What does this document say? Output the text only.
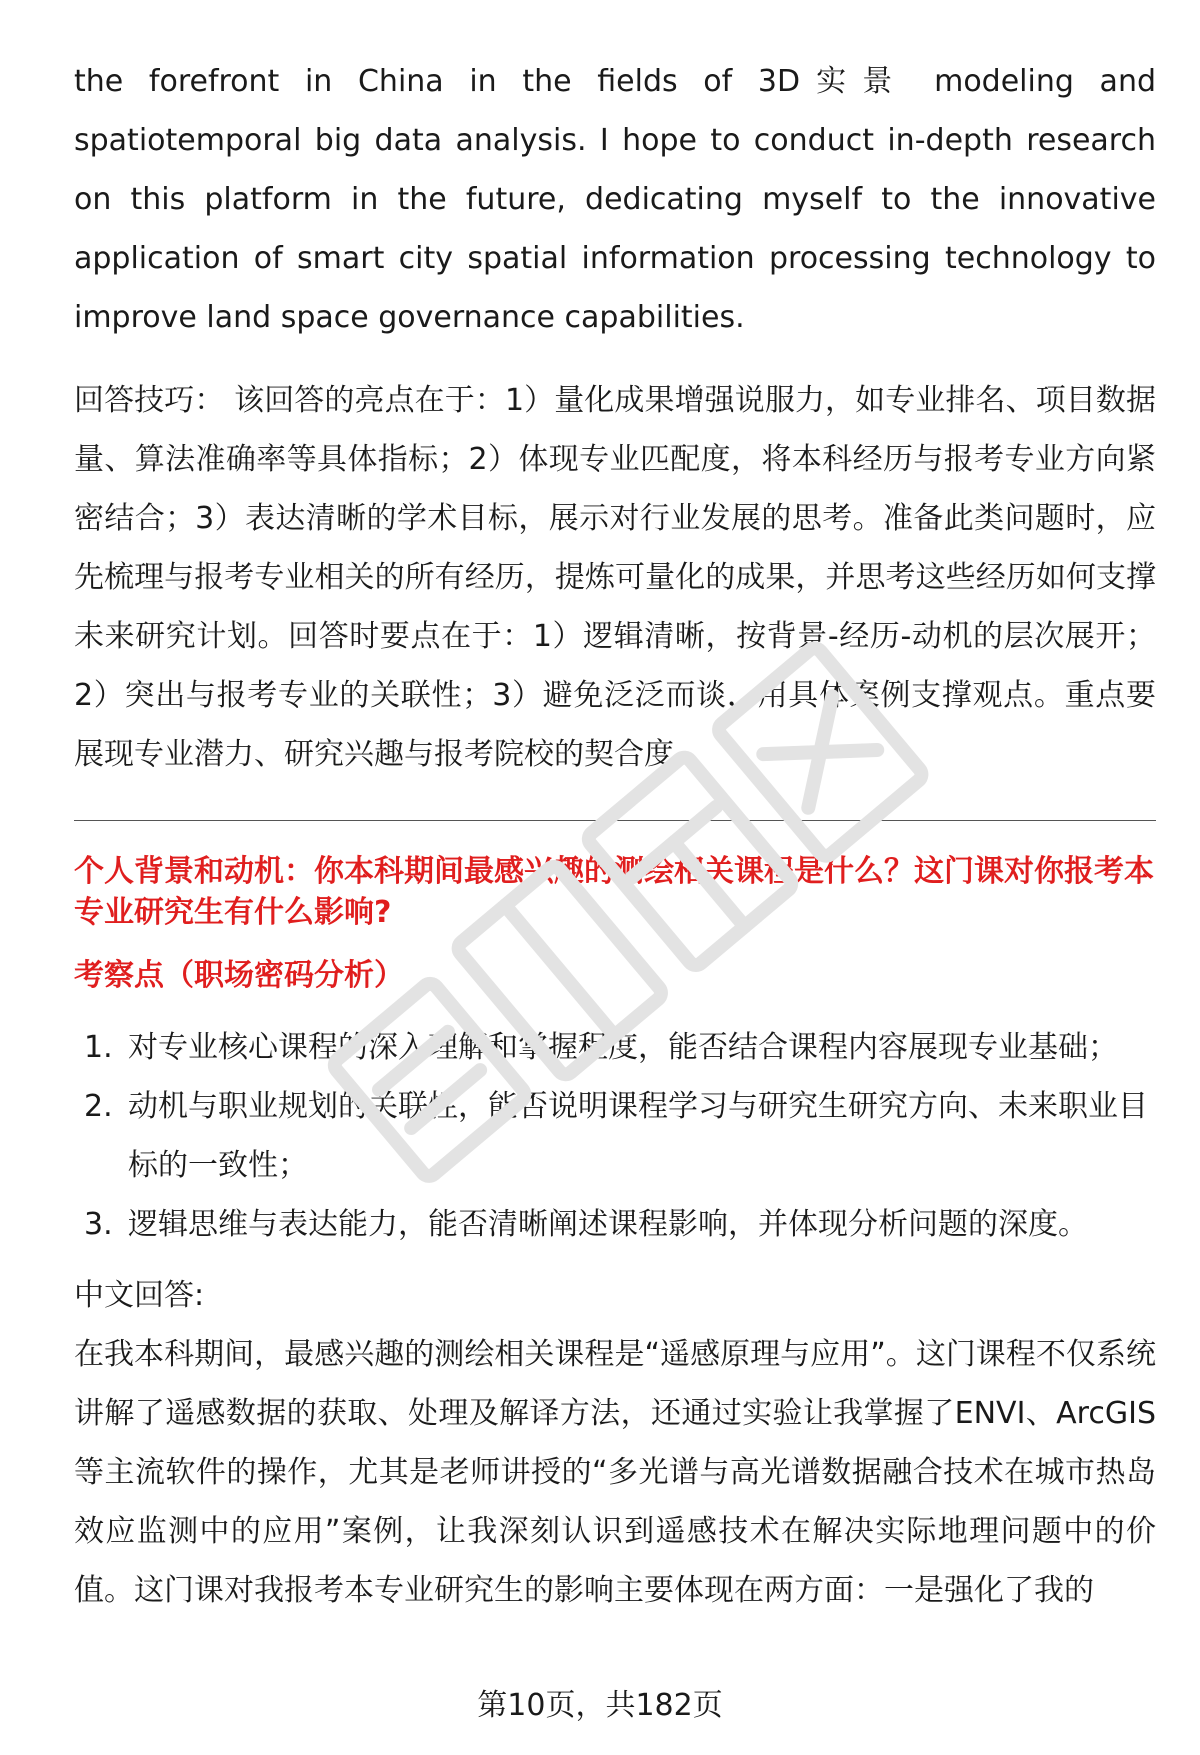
the forefront in China in the fields of 3D实景 modeling and spatiotemporal big data analysis. I hope to conduct in-depth research on this platform in the future, dedicating myself to the innovative application of smart city spatial information processing technology to improve land space governance capabilities.

回答技巧： 该回答的亮点在于：1）量化成果增强说服力，如专业排名、项目数据量、算法准确率等具体指标；2）体现专业匹配度，将本科经历与报考专业方向紧密结合；3）表达清晰的学术目标，展示对行业发展的思考。准备此类问题时，应先梳理与报考专业相关的所有经历，提炼可量化的成果，并思考这些经历如何支撑未来研究计划。回答时要点在于：1）逻辑清晰，按背景-经历-动机的层次展开；2）突出与报考专业的关联性；3）避免泛泛而谈，用具体案例支撑观点。重点要展现专业潜力、研究兴趣与报考院校的契合度。

个人背景和动机：你本科期间最感兴趣的测绘相关课程是什么？这门课对你报考本专业研究生有什么影响?

考察点（职场密码分析）

1. 对专业核心课程的深入理解和掌握程度，能否结合课程内容展现专业基础；
2. 动机与职业规划的关联性，能否说明课程学习与研究生研究方向、未来职业目标的一致性；
3. 逻辑思维与表达能力，能否清晰阐述课程影响，并体现分析问题的深度。

中文回答:

在我本科期间，最感兴趣的测绘相关课程是“遥感原理与应用”。这门课程不仅系统讲解了遥感数据的获取、处理及解译方法，还通过实验让我掌握了ENVI、ArcGIS等主流软件的操作，尤其是老师讲授的“多光谱与高光谱数据融合技术在城市热岛效应监测中的应用”案例，让我深刻认识到遥感技术在解决实际地理问题中的价值。这门课对我报考本专业研究生的影响主要体现在两方面：一是强化了我的

第10页，共182页
